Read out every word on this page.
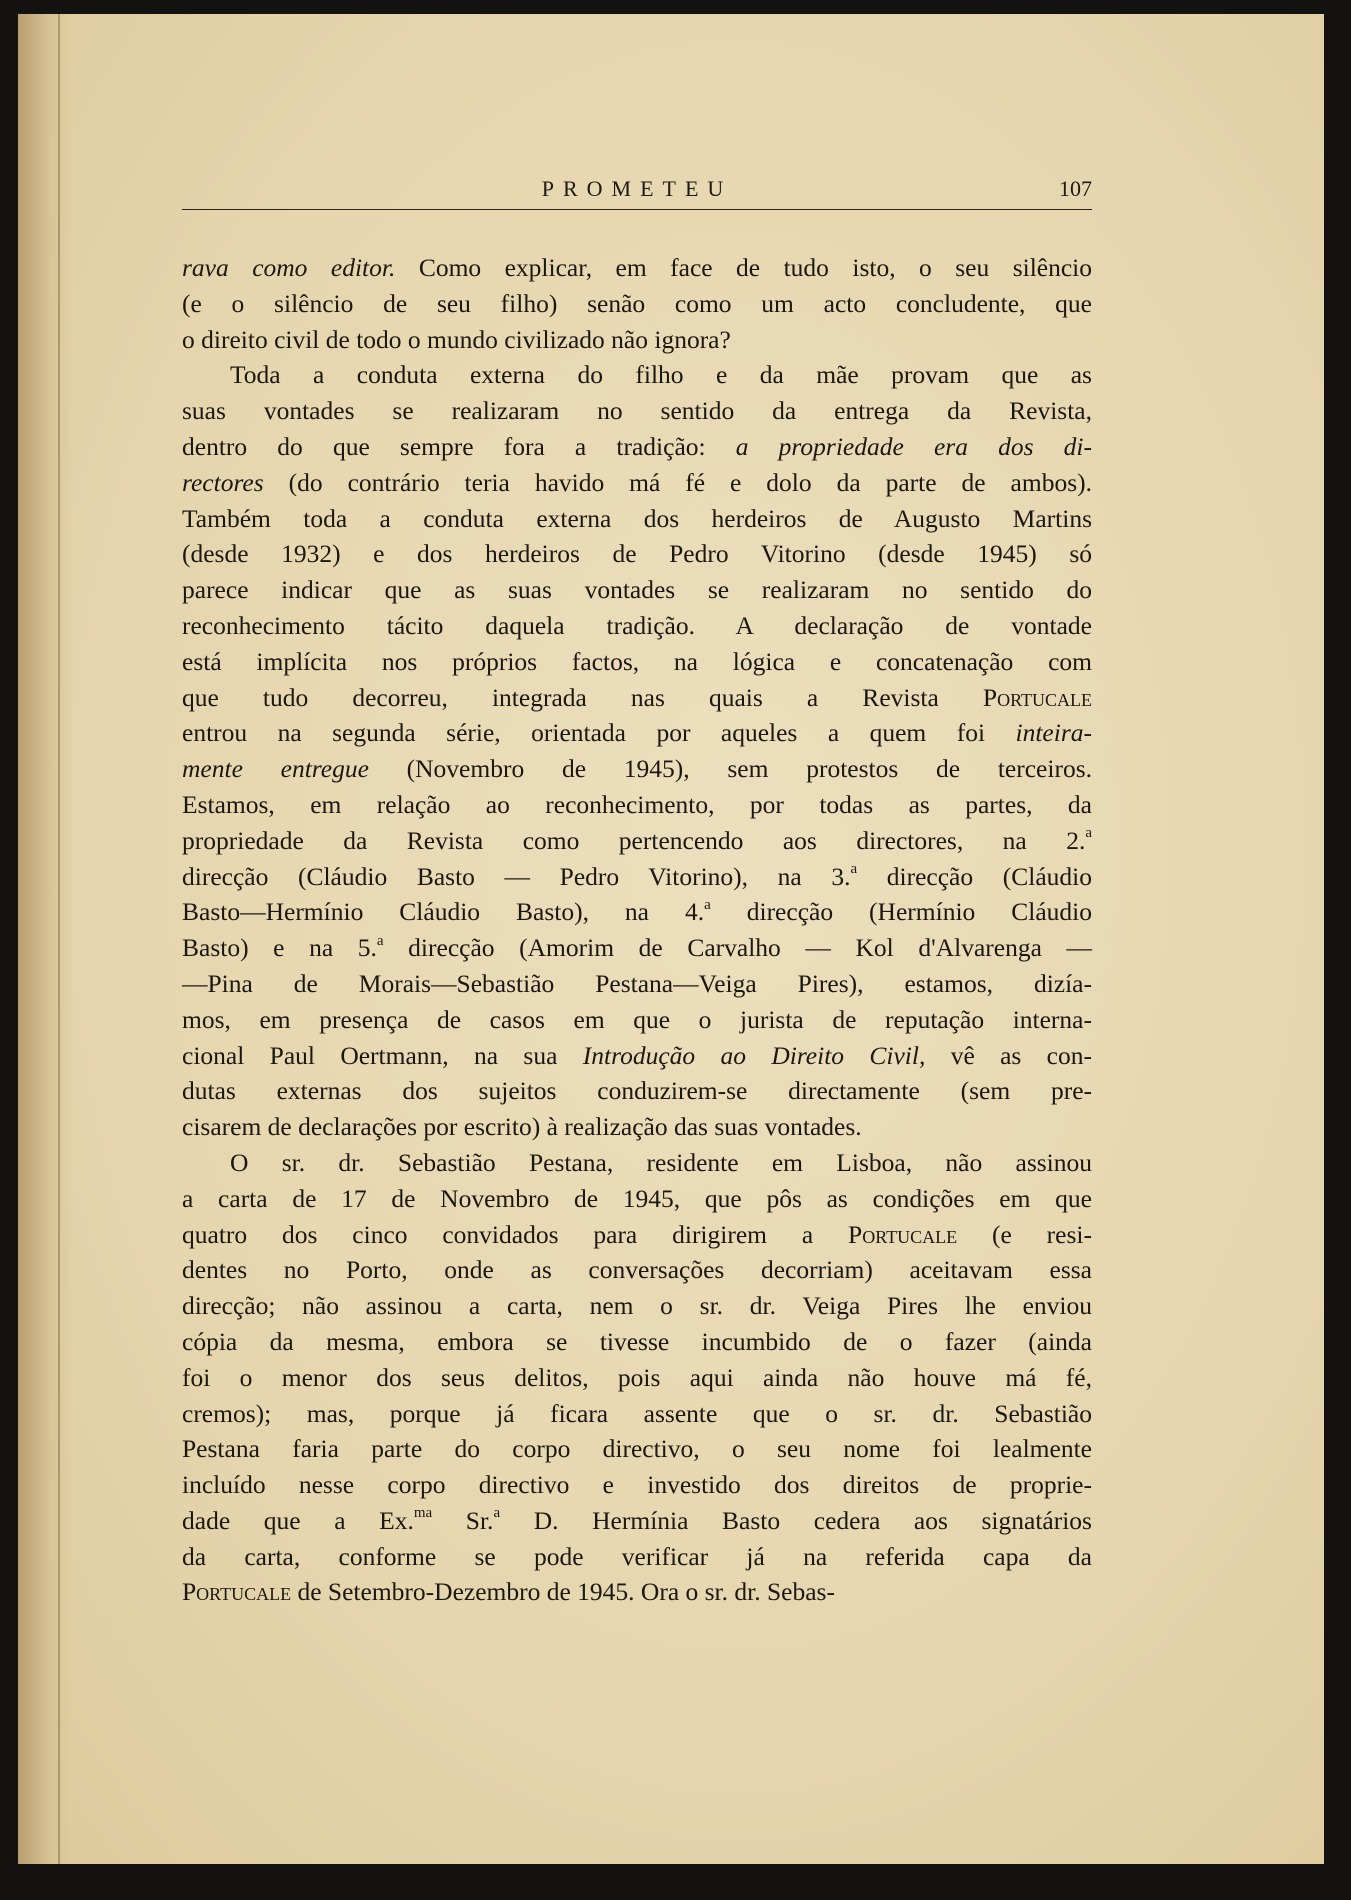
PROMETEU	107
rava como editor. Como explicar, em face de tudo isto, o seu silêncio
(e o silêncio de seu filho) senão como um acto concludente, que
o direito civil de todo o mundo civilizado não ignora?
Toda a conduta externa do filho e da mãe provam que as
suas vontades se realizaram no sentido da entrega da Revista,
dentro do que sempre fora a tradição: a propriedade era dos di-
rectores (do contrário teria havido má fé e dolo da parte de ambos).
Também toda a conduta externa dos herdeiros de Augusto Martins
(desde 1932) e dos herdeiros de Pedro Vitorino (desde 1945) só
parece indicar que as suas vontades se realizaram no sentido do
reconhecimento tácito daquela tradição. A declaração de vontade
está implícita nos próprios factos, na lógica e concatenação com
que tudo decorreu, integrada nas quais a Revista Portucale
entrou na segunda série, orientada por aqueles a quem foi inteira-
mente entregue (Novembro de 1945), sem protestos de terceiros.
Estamos, em relação ao reconhecimento, por todas as partes, da
propriedade da Revista como pertencendo aos directores, na 2.$^a$
direcção (Cláudio Basto — Pedro Vitorino), na 3.$^a$ direcção (Cláudio
Basto—Hermínio Cláudio Basto), na 4.$^a$ direcção (Hermínio Cláudio
Basto) e na 5.$^a$ direcção (Amorim de Carvalho — Kol d'Alvarenga —
—Pina de Morais—Sebastião Pestana—Veiga Pires), estamos, dizía-
mos, em presença de casos em que o jurista de reputação interna-
cional Paul Oertmann, na sua Introdução ao Direito Civil, vê as con-
dutas externas dos sujeitos conduzirem-se directamente (sem pre-
cisarem de declarações por escrito) à realização das suas vontades.
O sr. dr. Sebastião Pestana, residente em Lisboa, não assinou
a carta de 17 de Novembro de 1945, que pôs as condições em que
quatro dos cinco convidados para dirigirem a Portucale (e resi-
dentes no Porto, onde as conversações decorriam) aceitavam essa
direcção; não assinou a carta, nem o sr. dr. Veiga Pires lhe enviou
cópia da mesma, embora se tivesse incumbido de o fazer (ainda
foi o menor dos seus delitos, pois aqui ainda não houve má fé,
cremos); mas, porque já ficara assente que o sr. dr. Sebastião
Pestana faria parte do corpo directivo, o seu nome foi lealmente
incluído nesse corpo directivo e investido dos direitos de proprie-
dade que a Ex.$^{ma}$ Sr.$^a$ D. Hermínia Basto cedera aos signatários
da carta, conforme se pode verificar já na referida capa da
Portucale de Setembro-Dezembro de 1945. Ora o sr. dr. Sebas-
